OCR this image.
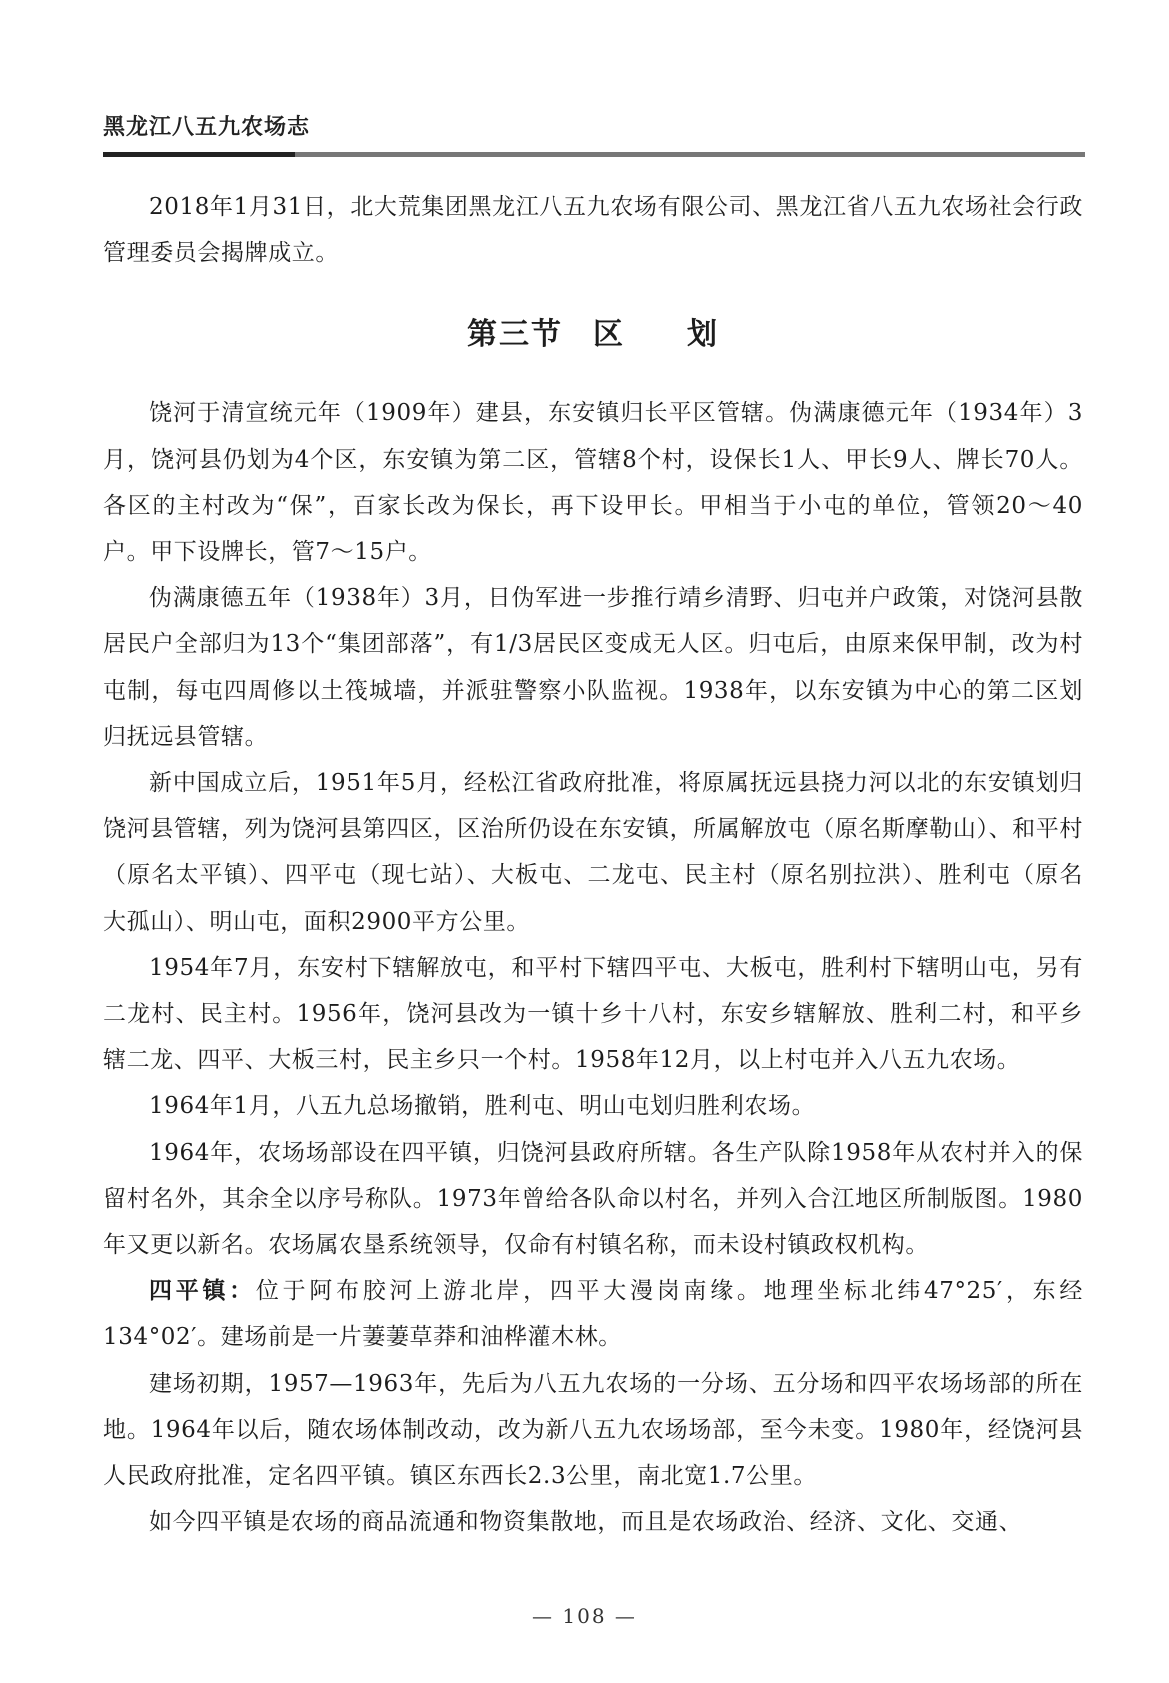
黑龙江八五九农场志

2018年1月31日，北大荒集团黑龙江八五九农场有限公司、黑龙江省八五九农场社会行政管理委员会揭牌成立。

第三节 区 划

饶河于清宣统元年（1909年）建县，东安镇归长平区管辖。伪满康德元年（1934年）3月，饶河县仍划为4个区，东安镇为第二区，管辖8个村，设保长1人、甲长9人、牌长70人。各区的主村改为“保”，百家长改为保长，再下设甲长。甲相当于小屯的单位，管领20～40户。甲下设牌长，管7～15户。

伪满康德五年（1938年）3月，日伪军进一步推行靖乡清野、归屯并户政策，对饶河县散居民户全部归为13个“集团部落”，有1/3居民区变成无人区。归屯后，由原来保甲制，改为村屯制，每屯四周修以土筏城墙，并派驻警察小队监视。1938年，以东安镇为中心的第二区划归抚远县管辖。

新中国成立后，1951年5月，经松江省政府批准，将原属抚远县挠力河以北的东安镇划归饶河县管辖，列为饶河县第四区，区治所仍设在东安镇，所属解放屯（原名斯摩勒山）、和平村（原名太平镇）、四平屯（现七站）、大板屯、二龙屯、民主村（原名别拉洪）、胜利屯（原名大孤山）、明山屯，面积2900平方公里。

1954年7月，东安村下辖解放屯，和平村下辖四平屯、大板屯，胜利村下辖明山屯，另有二龙村、民主村。1956年，饶河县改为一镇十乡十八村，东安乡辖解放、胜利二村，和平乡辖二龙、四平、大板三村，民主乡只一个村。1958年12月，以上村屯并入八五九农场。

1964年1月，八五九总场撤销，胜利屯、明山屯划归胜利农场。

1964年，农场场部设在四平镇，归饶河县政府所辖。各生产队除1958年从农村并入的保留村名外，其余全以序号称队。1973年曾给各队命以村名，并列入合江地区所制版图。1980年又更以新名。农场属农垦系统领导，仅命有村镇名称，而未设村镇政权机构。

四平镇：位于阿布胶河上游北岸，四平大漫岗南缘。地理坐标北纬47°25′，东经134°02′。建场前是一片萋萋草莽和油桦灌木林。

建场初期，1957—1963年，先后为八五九农场的一分场、五分场和四平农场场部的所在地。1964年以后，随农场体制改动，改为新八五九农场场部，至今未变。1980年，经饶河县人民政府批准，定名四平镇。镇区东西长2.3公里，南北宽1.7公里。

如今四平镇是农场的商品流通和物资集散地，而且是农场政治、经济、文化、交通、

— 108 —
